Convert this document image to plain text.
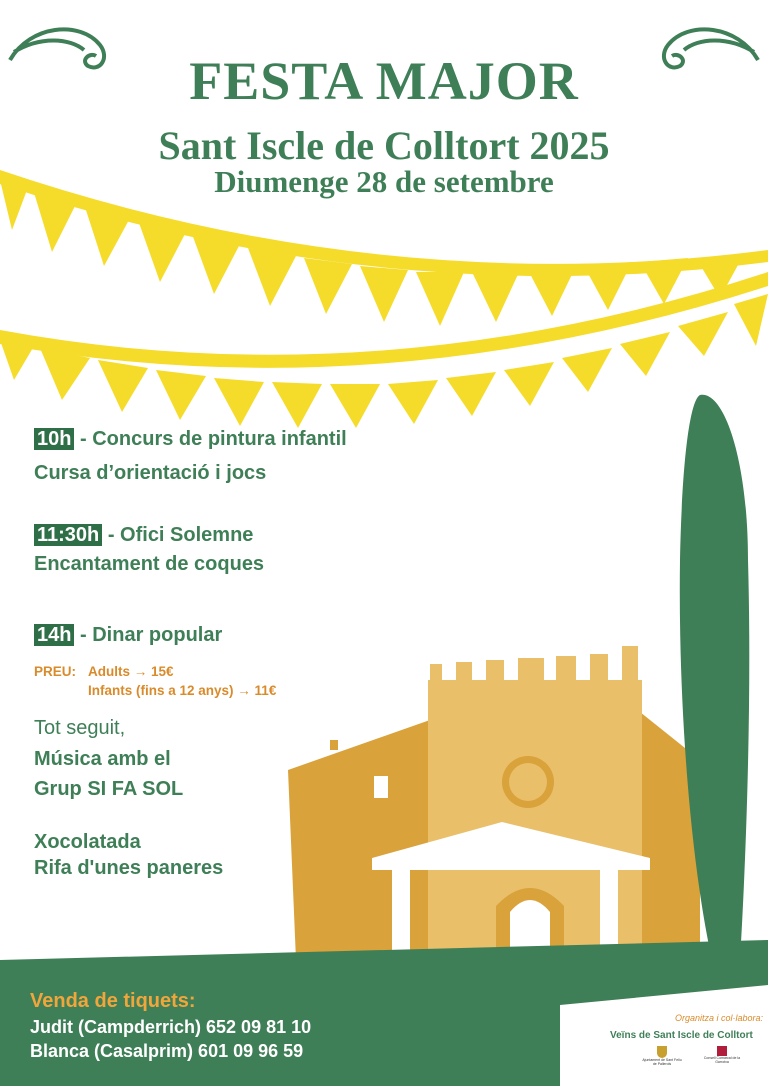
FESTA MAJOR
Sant Iscle de Colltort 2025
Diumenge 28 de setembre
10h - Concurs de pintura infantil
Cursa d’orientació i jocs
11:30h - Ofici Solemne
Encantament de coques
14h - Dinar popular
PREU: Adults → 15€
Infants (fins a 12 anys) → 11€
Tot seguit,
Música amb el
Grup SI FA SOL
Xocolatada
Rifa d'unes paneres
Venda de tiquets:
Judit (Campderrich) 652 09 81 10
Blanca (Casalprim) 601 09 96 59
Organitza i col·labora:
Veïns de Sant Iscle de Colltort
Ajuntament de Sant Feliu de Pallerols
Consell Comarcal de la Garrotxa
